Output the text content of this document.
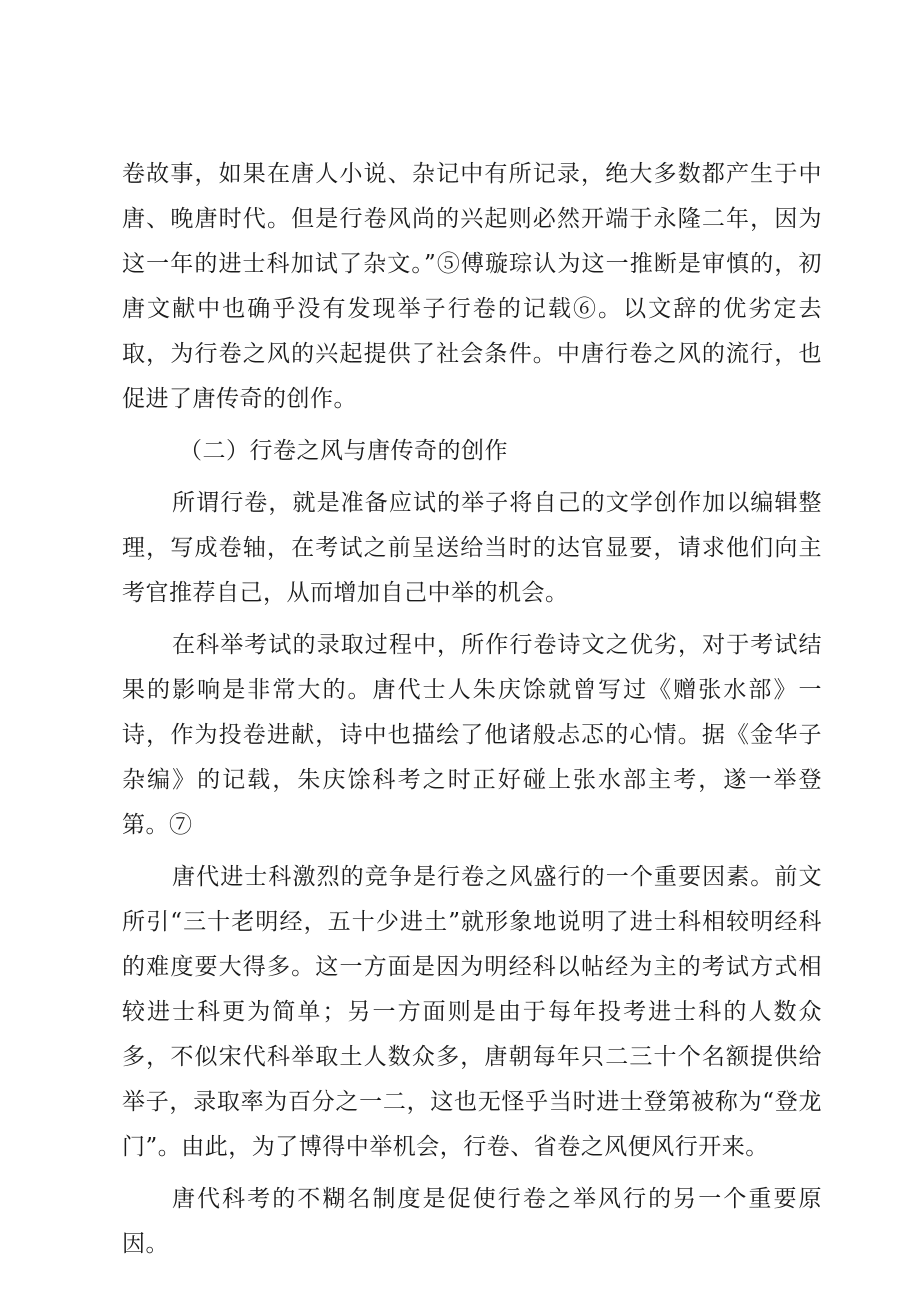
卷故事，如果在唐人小说、杂记中有所记录，绝大多数都产生于中唐、晚唐时代。但是行卷风尚的兴起则必然开端于永隆二年，因为这一年的进士科加试了杂文。”⑤傅璇琮认为这一推断是审慎的，初唐文献中也确乎没有发现举子行卷的记载⑥。以文辞的优劣定去取，为行卷之风的兴起提供了社会条件。中唐行卷之风的流行，也促进了唐传奇的创作。

（二）行卷之风与唐传奇的创作

所谓行卷，就是准备应试的举子将自己的文学创作加以编辑整理，写成卷轴，在考试之前呈送给当时的达官显要，请求他们向主考官推荐自己，从而增加自己中举的机会。

在科举考试的录取过程中，所作行卷诗文之优劣，对于考试结果的影响是非常大的。唐代士人朱庆馀就曾写过《赠张水部》一诗，作为投卷进献，诗中也描绘了他诸般忐忑的心情。据《金华子杂编》的记载，朱庆馀科考之时正好碰上张水部主考，遂一举登第。⑦

唐代进士科激烈的竞争是行卷之风盛行的一个重要因素。前文所引“三十老明经，五十少进土”就形象地说明了进士科相较明经科的难度要大得多。这一方面是因为明经科以帖经为主的考试方式相较进士科更为简单；另一方面则是由于每年投考进士科的人数众多，不似宋代科举取土人数众多，唐朝每年只二三十个名额提供给举子，录取率为百分之一二，这也无怪乎当时进士登第被称为“登龙门”。由此，为了博得中举机会，行卷、省卷之风便风行开来。

唐代科考的不糊名制度是促使行卷之举风行的另一个重要原因。
